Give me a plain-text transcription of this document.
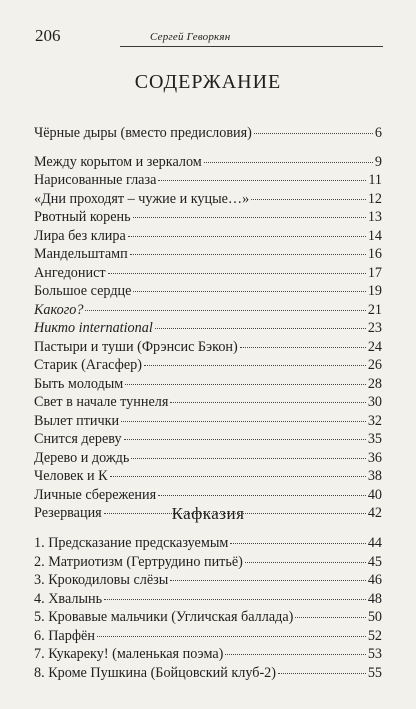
206	Сергей Геворкян
СОДЕРЖАНИЕ
Чёрные дыры (вместо предисловия)	6
Между корытом и зеркалом	9
Нарисованные глаза	11
«Дни проходят – чужие и куцые…»	12
Рвотный корень	13
Лира без клира	14
Мандельштамп	16
Ангедонист	17
Большое сердце	19
Какого?	21
Никто international	23
Пастыри и туши (Фрэнсис Бэкон)	24
Старик (Агасфер)	26
Быть молодым	28
Свет в начале туннеля	30
Вылет птички	32
Снится дереву	35
Дерево и дождь	36
Человек и К	38
Личные сбережения	40
Резервация	42
Кафказия
1. Предсказание предсказуемым	44
2. Матриотизм (Гертрудино питьё)	45
3. Крокодиловы слёзы	46
4. Хвалынь	48
5. Кровавые мальчики (Угличская баллада)	50
6. Парфён	52
7. Кукареку! (маленькая поэма)	53
8. Кроме Пушкина (Бойцовский клуб-2)	55
